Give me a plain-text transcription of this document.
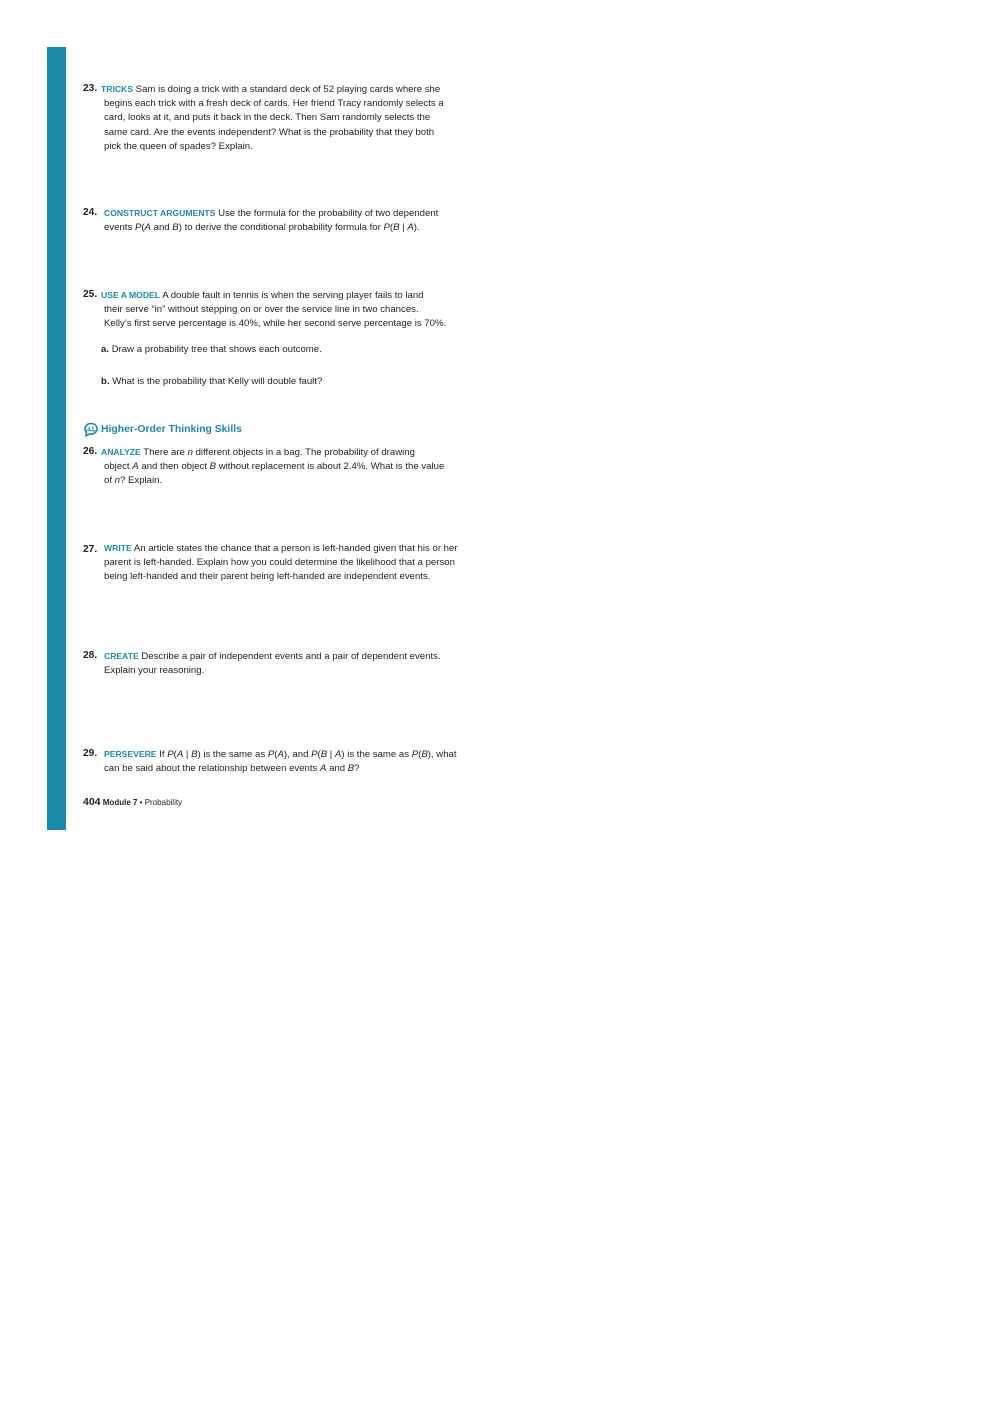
23. TRICKS Sam is doing a trick with a standard deck of 52 playing cards where she
begins each trick with a fresh deck of cards. Her friend Tracy randomly selects a
card, looks at it, and puts it back in the deck. Then Sam randomly selects the
same card. Are the events independent? What is the probability that they both
pick the queen of spades? Explain.
24. CONSTRUCT ARGUMENTS Use the formula for the probability of two dependent
events P(A and B) to derive the conditional probability formula for P(B | A).
25. USE A MODEL A double fault in tennis is when the serving player fails to land
their serve “in” without stepping on or over the service line in two chances.
Kelly’s first serve percentage is 40%, while her second serve percentage is 70%.
a. Draw a probability tree that shows each outcome.
b. What is the probability that Kelly will double fault?
Higher-Order Thinking Skills
26. ANALYZE There are n different objects in a bag. The probability of drawing
object A and then object B without replacement is about 2.4%. What is the value
of n? Explain.
27. WRITE An article states the chance that a person is left-handed given that his or her
parent is left-handed. Explain how you could determine the likelihood that a person
being left-handed and their parent being left-handed are independent events.
28. CREATE Describe a pair of independent events and a pair of dependent events.
Explain your reasoning.
29. PERSEVERE If P(A | B) is the same as P(A), and P(B | A) is the same as P(B), what
can be said about the relationship between events A and B?
404 Module 7 • Probability
